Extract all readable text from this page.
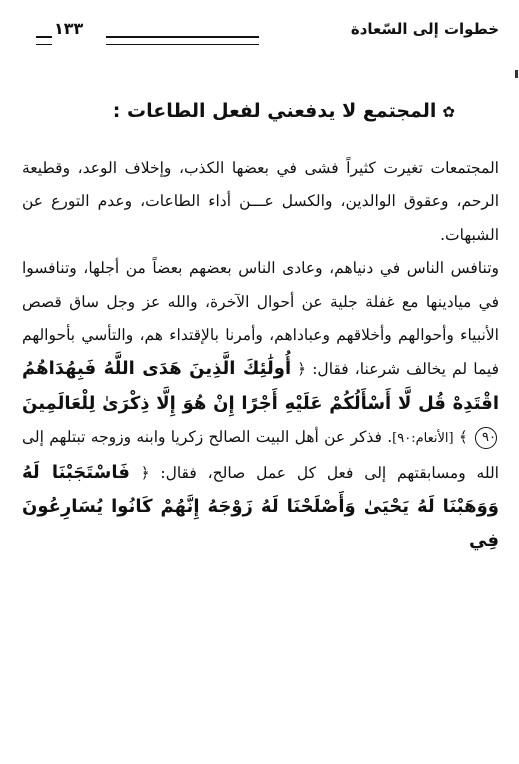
خطوات إلى السّعادة
١٣٣
✿المجتمع لا يدفعني لفعل الطاعات :

المجتمعات تغيرت كثيراً فشى في بعضها الكذب، وإخلاف الوعد، وقطيعة الرحم، وعقوق الوالدين، والكسل عـــن أداء الطاعات، وعدم التورع عن الشبهات.

وتنافس الناس في دنياهم، وعادى الناس بعضهم بعضاً من أجلها، وتنافسوا في ميادينها مع غفلة جلية عن أحوال الآخرة، والله عز وجل ساق قصص الأنبياء وأحوالهم وأخلاقهم وعباداهم، وأمرنا بالإقتداء هم، والتأسي بأحوالهم فيما لم يخالف شرعنا، فقال: ﴿ أُولَٰئِكَ الَّذِينَ هَدَى اللَّهُ فَبِهُدَاهُمُ اقْتَدِهْ قُل لَّا أَسْأَلُكُمْ عَلَيْهِ أَجْرًا إِنْ هُوَ إِلَّا ذِكْرَىٰ لِلْعَالَمِينَ ٩٠ ﴾ [الأنعام:٩٠]. فذكر عن أهل البيت الصالح زكريا وابنه وزوجه تبتلهم إلى الله ومسابقتهم إلى فعل كل عمل صالح، فقال: ﴿ فَاسْتَجَبْنَا لَهُ وَوَهَبْنَا لَهُ يَحْيَىٰ وَأَصْلَحْنَا لَهُ زَوْجَهُ إِنَّهُمْ كَانُوا يُسَارِعُونَ فِي
